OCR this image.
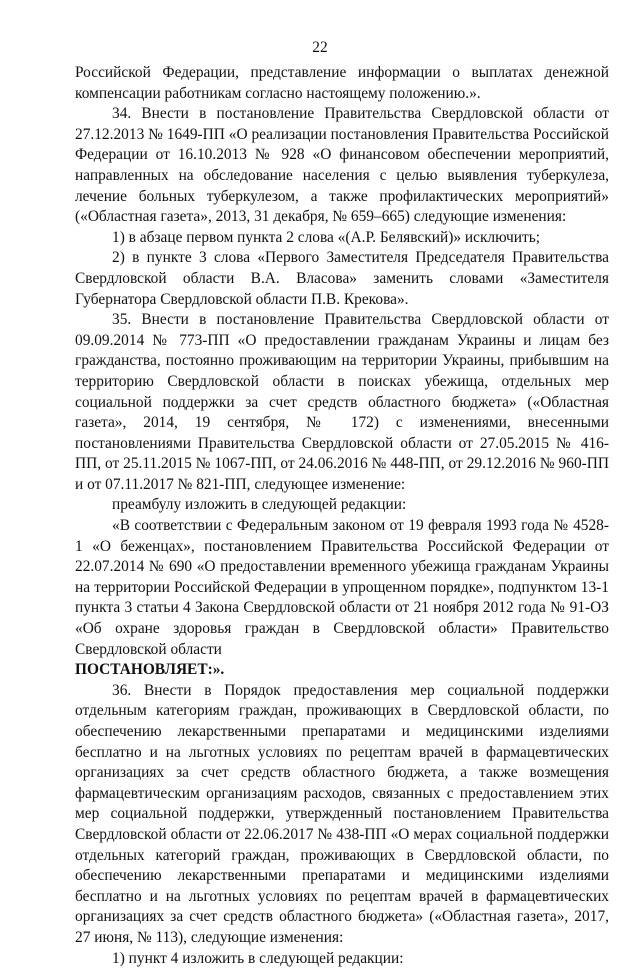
22

Российской Федерации, представление информации о выплатах денежной компенсации работникам согласно настоящему положению.».

34. Внести в постановление Правительства Свердловской области от 27.12.2013 № 1649-ПП «О реализации постановления Правительства Российской Федерации от 16.10.2013 № 928 «О финансовом обеспечении мероприятий, направленных на обследование населения с целью выявления туберкулеза, лечение больных туберкулезом, а также профилактических мероприятий» («Областная газета», 2013, 31 декабря, № 659–665) следующие изменения:

1) в абзаце первом пункта 2 слова «(А.Р. Белявский)» исключить;

2) в пункте 3 слова «Первого Заместителя Председателя Правительства Свердловской области В.А. Власова» заменить словами «Заместителя Губернатора Свердловской области П.В. Крекова».

35. Внести в постановление Правительства Свердловской области от 09.09.2014 № 773-ПП «О предоставлении гражданам Украины и лицам без гражданства, постоянно проживающим на территории Украины, прибывшим на территорию Свердловской области в поисках убежища, отдельных мер социальной поддержки за счет средств областного бюджета» («Областная газета», 2014, 19 сентября, № 172) с изменениями, внесенными постановлениями Правительства Свердловской области от 27.05.2015 № 416-ПП, от 25.11.2015 № 1067-ПП, от 24.06.2016 № 448-ПП, от 29.12.2016 № 960-ПП и от 07.11.2017 № 821-ПП, следующее изменение:

преамбулу изложить в следующей редакции:

«В соответствии с Федеральным законом от 19 февраля 1993 года № 4528-1 «О беженцах», постановлением Правительства Российской Федерации от 22.07.2014 № 690 «О предоставлении временного убежища гражданам Украины на территории Российской Федерации в упрощенном порядке», подпунктом 13-1 пункта 3 статьи 4 Закона Свердловской области от 21 ноября 2012 года № 91-ОЗ «Об охране здоровья граждан в Свердловской области» Правительство Свердловской области

ПОСТАНОВЛЯЕТ:».

36. Внести в Порядок предоставления мер социальной поддержки отдельным категориям граждан, проживающих в Свердловской области, по обеспечению лекарственными препаратами и медицинскими изделиями бесплатно и на льготных условиях по рецептам врачей в фармацевтических организациях за счет средств областного бюджета, а также возмещения фармацевтическим организациям расходов, связанных с предоставлением этих мер социальной поддержки, утвержденный постановлением Правительства Свердловской области от 22.06.2017 № 438-ПП «О мерах социальной поддержки отдельных категорий граждан, проживающих в Свердловской области, по обеспечению лекарственными препаратами и медицинскими изделиями бесплатно и на льготных условиях по рецептам врачей в фармацевтических организациях за счет средств областного бюджета» («Областная газета», 2017, 27 июня, № 113), следующие изменения:

1) пункт 4 изложить в следующей редакции:
